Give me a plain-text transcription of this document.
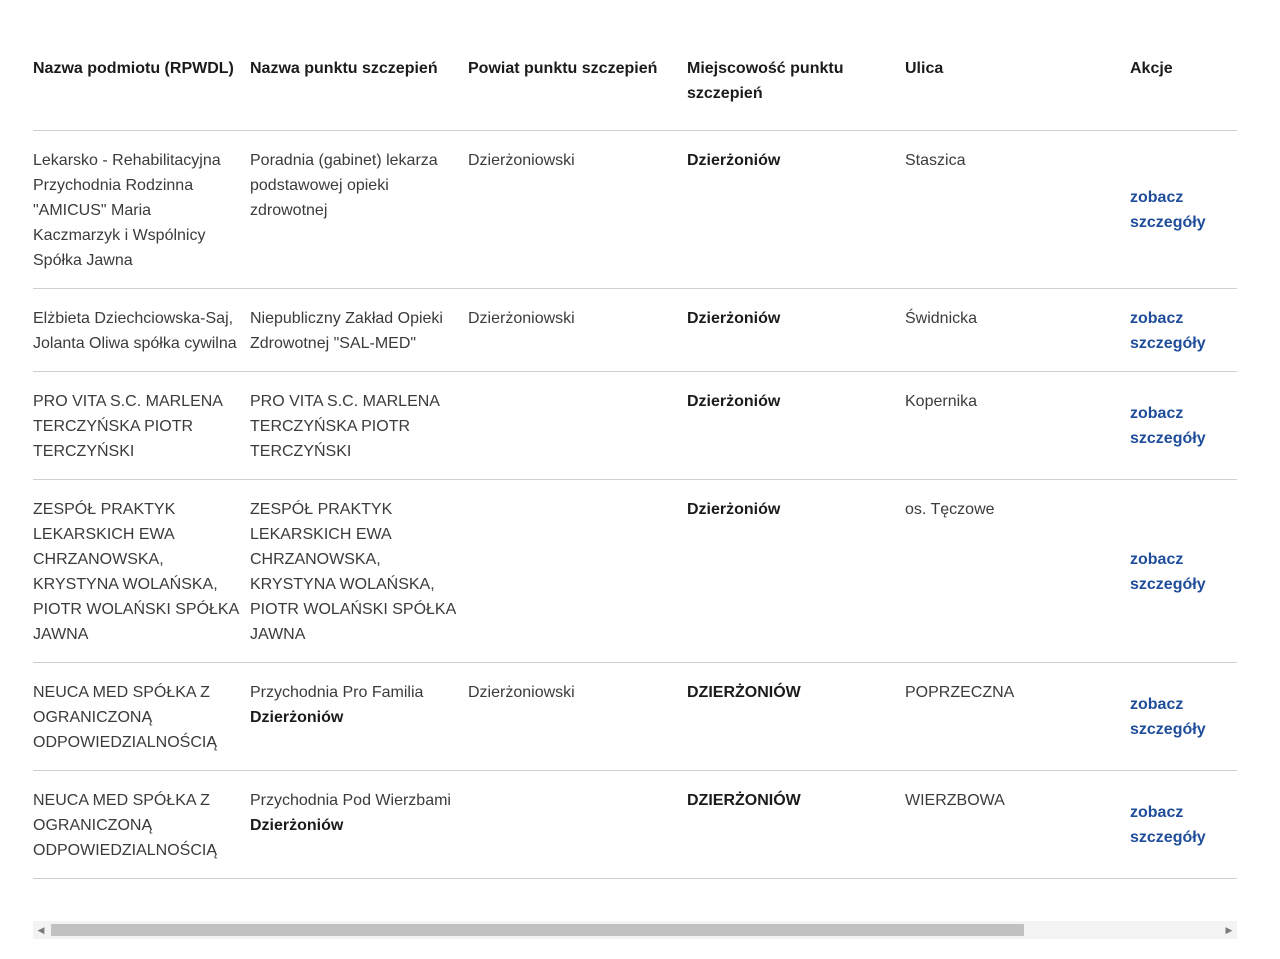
Nazwa podmiotu (RPWDL)	Nazwa punktu szczepień	Powiat punktu szczepień	Miejscowość punktu szczepień	Ulica	Akcje
Lekarsko - Rehabilitacyjna Przychodnia Rodzinna "AMICUS" Maria Kaczmarzyk i Wspólnicy Spółka Jawna	Poradnia (gabinet) lekarza podstawowej opieki zdrowotnej	Dzierżoniowski	Dzierżoniów	Staszica	zobacz szczegóły

Elżbieta Dziechciowska-Saj, Jolanta Oliwa spółka cywilna	Niepubliczny Zakład Opieki Zdrowotnej "SAL-MED"	Dzierżoniowski	Dzierżoniów	Świdnicka	zobacz szczegóły

PRO VITA S.C. MARLENA TERCZYŃSKA PIOTR TERCZYŃSKI	PRO VITA S.C. MARLENA TERCZYŃSKA PIOTR TERCZYŃSKI		Dzierżoniów	Kopernika	zobacz szczegóły

ZESPÓŁ PRAKTYK LEKARSKICH EWA CHRZANOWSKA, KRYSTYNA WOLAŃSKA, PIOTR WOLAŃSKI SPÓŁKA JAWNA	ZESPÓŁ PRAKTYK LEKARSKICH EWA CHRZANOWSKA, KRYSTYNA WOLAŃSKA, PIOTR WOLAŃSKI SPÓŁKA JAWNA		Dzierżoniów	os. Tęczowe	zobacz szczegóły

NEUCA MED SPÓŁKA Z OGRANICZONĄ ODPOWIEDZIALNOŚCIĄ	Przychodnia Pro Familia Dzierżoniów	Dzierżoniowski	DZIERŻONIÓW	POPRZECZNA	zobacz szczegóły

NEUCA MED SPÓŁKA Z OGRANICZONĄ ODPOWIEDZIALNOŚCIĄ	Przychodnia Pod Wierzbami Dzierżoniów		DZIERŻONIÓW	WIERZBOWA	zobacz szczegóły
◀	▶
